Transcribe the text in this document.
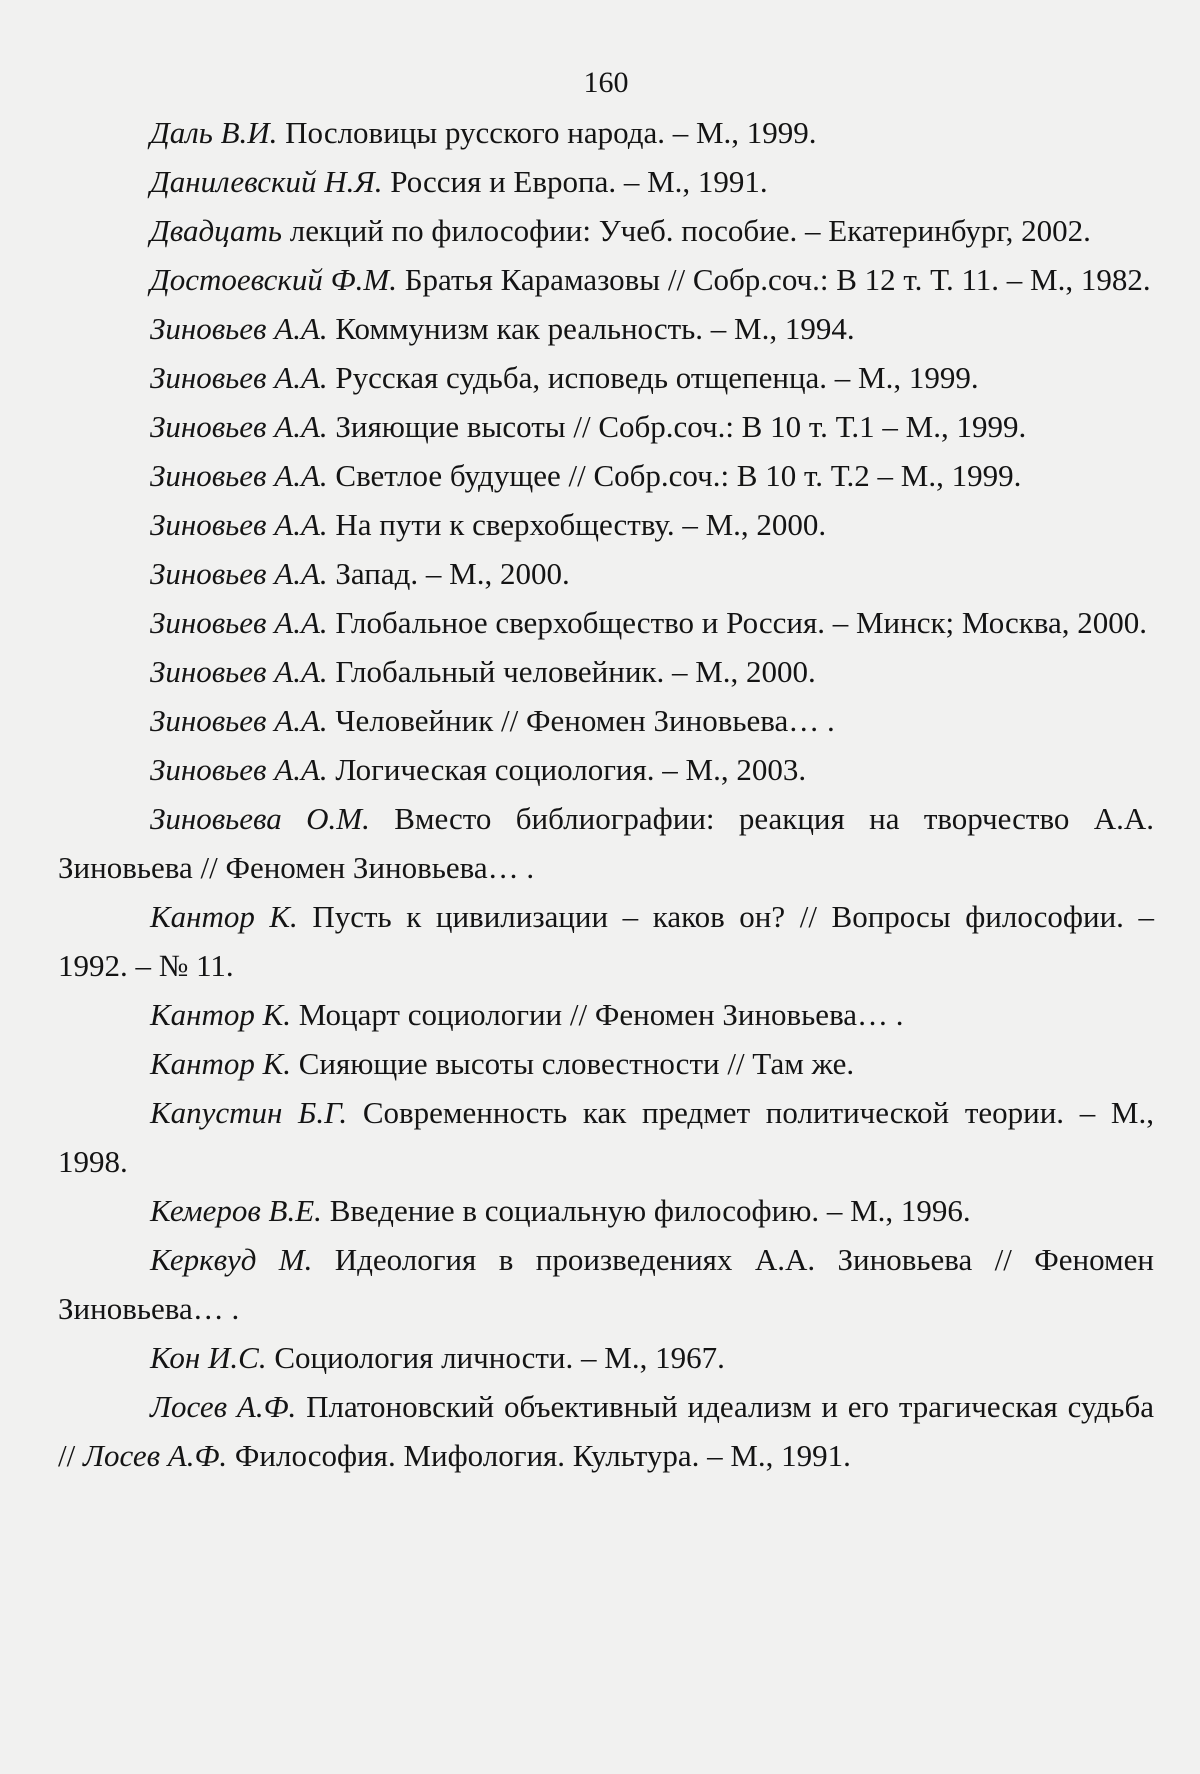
160

Даль В.И. Пословицы русского народа. – М., 1999.

Данилевский Н.Я. Россия и Европа. – М., 1991.

Двадцать лекций по философии: Учеб. пособие. – Екатеринбург, 2002.

Достоевский Ф.М. Братья Карамазовы // Собр.соч.: В 12 т. Т. 11. – М., 1982.

Зиновьев А.А. Коммунизм как реальность. – М., 1994.

Зиновьев А.А. Русская судьба, исповедь отщепенца. – М., 1999.

Зиновьев А.А. Зияющие высоты // Собр.соч.: В 10 т. Т.1 – М., 1999.

Зиновьев А.А. Светлое будущее // Собр.соч.: В 10 т. Т.2 – М., 1999.

Зиновьев А.А. На пути к сверхобществу. – М., 2000.

Зиновьев А.А. Запад. – М., 2000.

Зиновьев А.А. Глобальное сверхобщество и Россия. – Минск; Москва, 2000.

Зиновьев А.А. Глобальный человейник. – М., 2000.

Зиновьев А.А. Человейник // Феномен Зиновьева… .

Зиновьев А.А. Логическая социология. – М., 2003.

Зиновьева О.М. Вместо библиографии: реакция на творчество А.А. Зиновьева // Феномен Зиновьева… .

Кантор К. Пусть к цивилизации – каков он? // Вопросы философии. – 1992. – № 11.

Кантор К. Моцарт социологии // Феномен Зиновьева… .

Кантор К. Сияющие высоты словестности // Там же.

Капустин Б.Г. Современность как предмет политической теории. – М., 1998.

Кемеров В.Е. Введение в социальную философию. – М., 1996.

Керквуд М. Идеология в произведениях А.А. Зиновьева // Феномен Зиновьева… .

Кон И.С. Социология личности. – М., 1967.

Лосев А.Ф. Платоновский объективный идеализм и его трагическая судьба // Лосев А.Ф. Философия. Мифология. Культура. – М., 1991.
